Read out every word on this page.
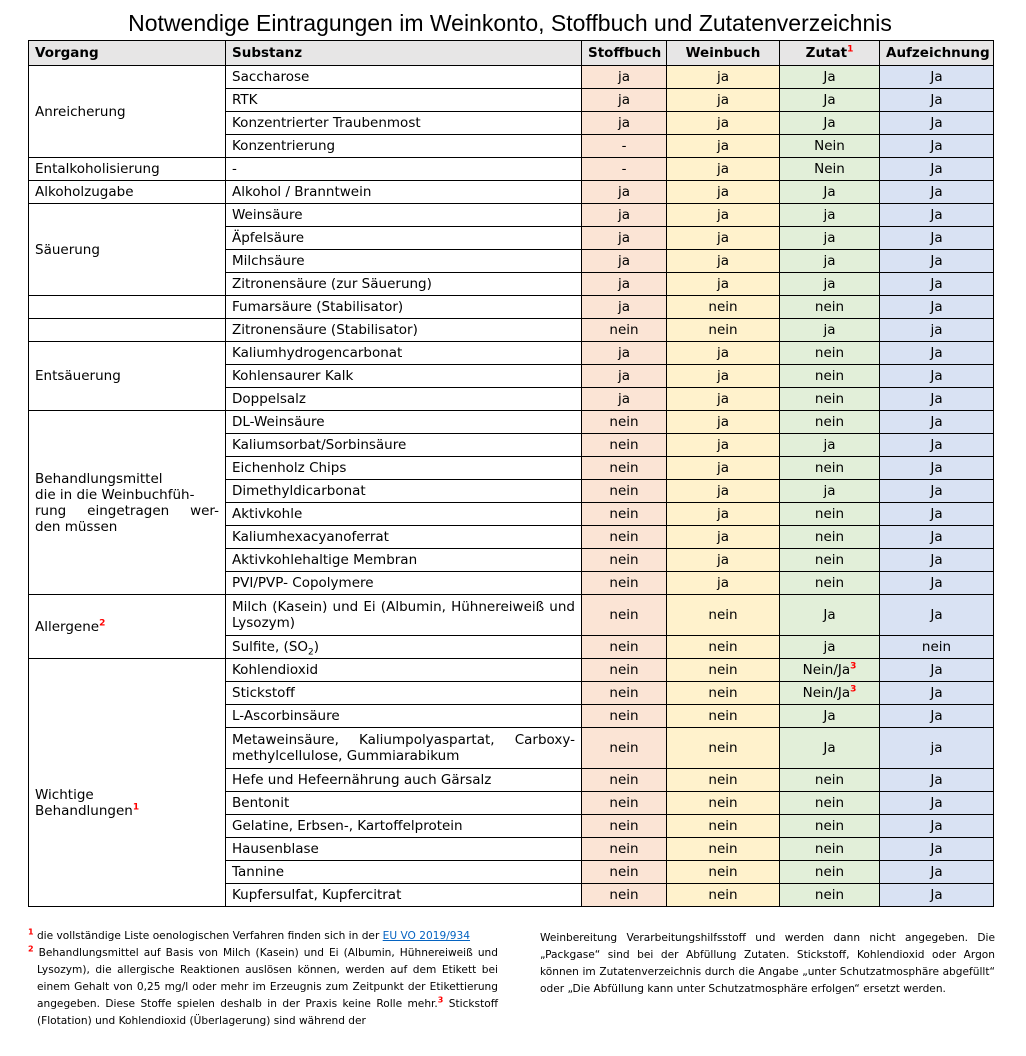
Notwendige Eintragungen im Weinkonto, Stoffbuch und Zutatenverzeichnis
Vorgang	Substanz	Stoffbuch	Weinbuch	Zutat$^1$	Aufzeichnung
Anreicherung	Saccharose	ja	ja	Ja	Ja
	RTK	ja	ja	Ja	Ja
	Konzentrierter Traubenmost	ja	ja	Ja	Ja
	Konzentrierung	-	ja	Nein	Ja
Entalkoholisierung	-	-	ja	Nein	Ja
Alkoholzugabe	Alkohol / Branntwein	ja	ja	Ja	Ja
Säuerung	Weinsäure	ja	ja	ja	Ja
	Äpfelsäure	ja	ja	ja	Ja
	Milchsäure	ja	ja	ja	Ja
	Zitronensäure (zur Säuerung)	ja	ja	ja	Ja
	Fumarsäure (Stabilisator)	ja	nein	nein	Ja
	Zitronensäure (Stabilisator)	nein	nein	ja	ja
Entsäuerung	Kaliumhydrogencarbonat	ja	ja	nein	Ja
	Kohlensaurer Kalk	ja	ja	nein	Ja
	Doppelsalz	ja	ja	nein	Ja

Behandlungsmittel
die in die Weinbuchfüh-
rung eingetragen wer-
den müssen	DL-Weinsäure	nein	ja	nein	Ja
	Kaliumsorbat/Sorbinsäure	nein	ja	ja	Ja
	Eichenholz Chips	nein	ja	nein	Ja
	Dimethyldicarbonat	nein	ja	ja	Ja
	Aktivkohle	nein	ja	nein	Ja
	Kaliumhexacyanoferrat	nein	ja	nein	Ja
	Aktivkohlehaltige Membran	nein	ja	nein	Ja
	PVI/PVP- Copolymere	nein	ja	nein	Ja
Allergene$^2$	Milch (Kasein) und Ei (Albumin, Hühnereiweiß und Lysozym)	nein	nein	Ja	Ja
	Sulfite, $(SO_2)$	nein	nein	ja	nein

Wichtige
Behandlungen$^1$	Kohlendioxid	nein	nein	Nein/Ja$^3$	Ja
	Stickstoff	nein	nein	Nein/Ja$^3$	Ja
	L-Ascorbinsäure	nein	nein	Ja	Ja
	Metaweinsäure, Kaliumpolyaspartat, Carboxy-methylcellulose, Gummiarabikum	nein	nein	Ja	ja
	Hefe und Hefeernährung auch Gärsalz	nein	nein	nein	Ja
	Bentonit	nein	nein	nein	Ja
	Gelatine, Erbsen-, Kartoffelprotein	nein	nein	nein	Ja
	Hausenblase	nein	nein	nein	Ja
	Tannine	nein	nein	nein	Ja
	Kupfersulfat, Kupfercitrat	nein	nein	nein	Ja
$^1$ die vollständige Liste oenologischen Verfahren finden sich in der EU VO 2019/934
$^2$ Behandlungsmittel auf Basis von Milch (Kasein) und Ei (Albumin, Hühnereiweiß und Lysozym), die allergische Reaktionen auslösen können, werden auf dem Etikett bei einem Gehalt von 0,25 mg/l oder mehr im Erzeugnis zum Zeitpunkt der Etikettierung angegeben. Diese Stoffe spielen deshalb in der Praxis keine Rolle mehr.$^3$ Stickstoff (Flotation) und Kohlendioxid (Überlagerung) sind während der
Weinbereitung Verarbeitungshilfsstoff und werden dann nicht angegeben. Die „Packgase“ sind bei der Abfüllung Zutaten. Stickstoff, Kohlendioxid oder Argon können im Zutatenverzeichnis durch die Angabe „unter Schutzatmosphäre abgefüllt“ oder „Die Abfüllung kann unter Schutzatmosphäre erfolgen“ ersetzt werden.
